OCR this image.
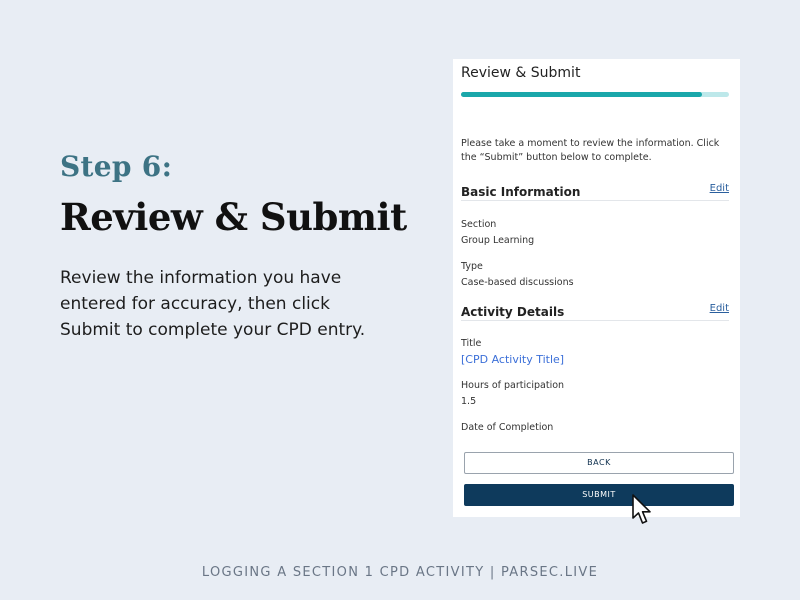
Step 6:
Review & Submit
Review the information you have entered for accuracy, then click Submit to complete your CPD entry.
Review & Submit
Please take a moment to review the information. Click the “Submit” button below to complete.
Basic Information	Edit
Section
Group Learning
Type
Case-based discussions
Activity Details	Edit
Title
[CPD Activity Title]
Hours of participation
1.5
Date of Completion
BACK
SUBMIT
LOGGING A SECTION 1 CPD ACTIVITY | PARSEC.LIVE
